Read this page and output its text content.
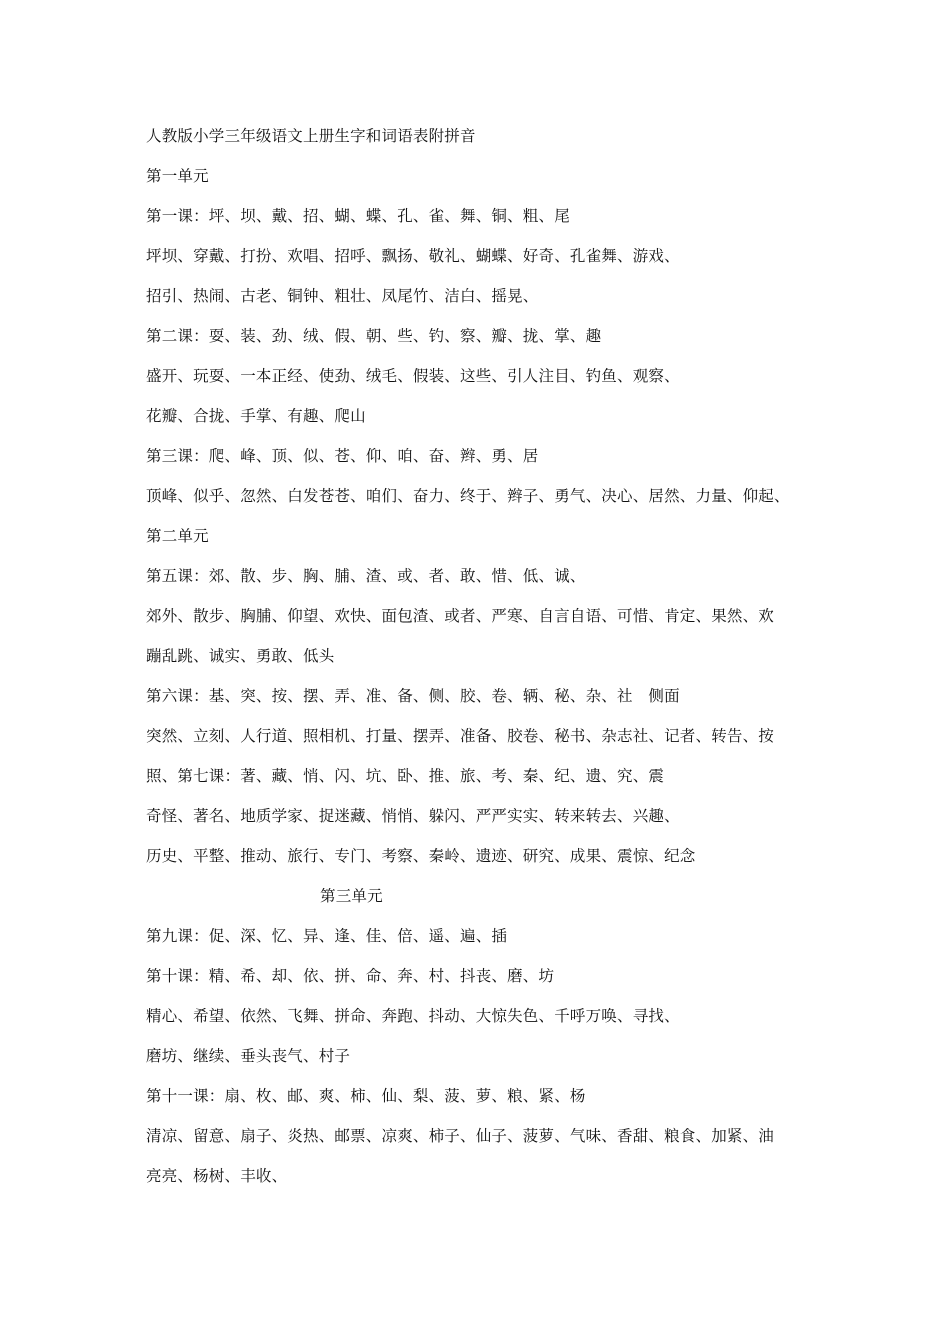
人教版小学三年级语文上册生字和词语表附拼音
第一单元
第一课：坪、坝、戴、招、蝴、蝶、孔、雀、舞、铜、粗、尾
坪坝、穿戴、打扮、欢唱、招呼、飘扬、敬礼、蝴蝶、好奇、孔雀舞、游戏、
招引、热闹、古老、铜钟、粗壮、凤尾竹、洁白、摇晃、
第二课：耍、装、劲、绒、假、朝、些、钓、察、瓣、拢、掌、趣
盛开、玩耍、一本正经、使劲、绒毛、假装、这些、引人注目、钓鱼、观察、
花瓣、合拢、手掌、有趣、爬山
第三课：爬、峰、顶、似、苍、仰、咱、奋、辫、勇、居
顶峰、似乎、忽然、白发苍苍、咱们、奋力、终于、辫子、勇气、决心、居然、力量、仰起、
第二单元
第五课：郊、散、步、胸、脯、渣、或、者、敢、惜、低、诚、
郊外、散步、胸脯、仰望、欢快、面包渣、或者、严寒、自言自语、可惜、肯定、果然、欢
蹦乱跳、诚实、勇敢、低头
第六课：基、突、按、摆、弄、准、备、侧、胶、卷、辆、秘、杂、社　侧面
突然、立刻、人行道、照相机、打量、摆弄、准备、胶卷、秘书、杂志社、记者、转告、按
照、第七课：著、藏、悄、闪、坑、卧、推、旅、考、秦、纪、遗、究、震
奇怪、著名、地质学家、捉迷藏、悄悄、躲闪、严严实实、转来转去、兴趣、
历史、平整、推动、旅行、专门、考察、秦岭、遗迹、研究、成果、震惊、纪念
第三单元
第九课：促、深、忆、异、逢、佳、倍、遥、遍、插
第十课：精、希、却、依、拼、命、奔、村、抖丧、磨、坊
精心、希望、依然、飞舞、拼命、奔跑、抖动、大惊失色、千呼万唤、寻找、
磨坊、继续、垂头丧气、村子
第十一课：扇、枚、邮、爽、柿、仙、梨、菠、萝、粮、紧、杨
清凉、留意、扇子、炎热、邮票、凉爽、柿子、仙子、菠萝、气味、香甜、粮食、加紧、油
亮亮、杨树、丰收、
